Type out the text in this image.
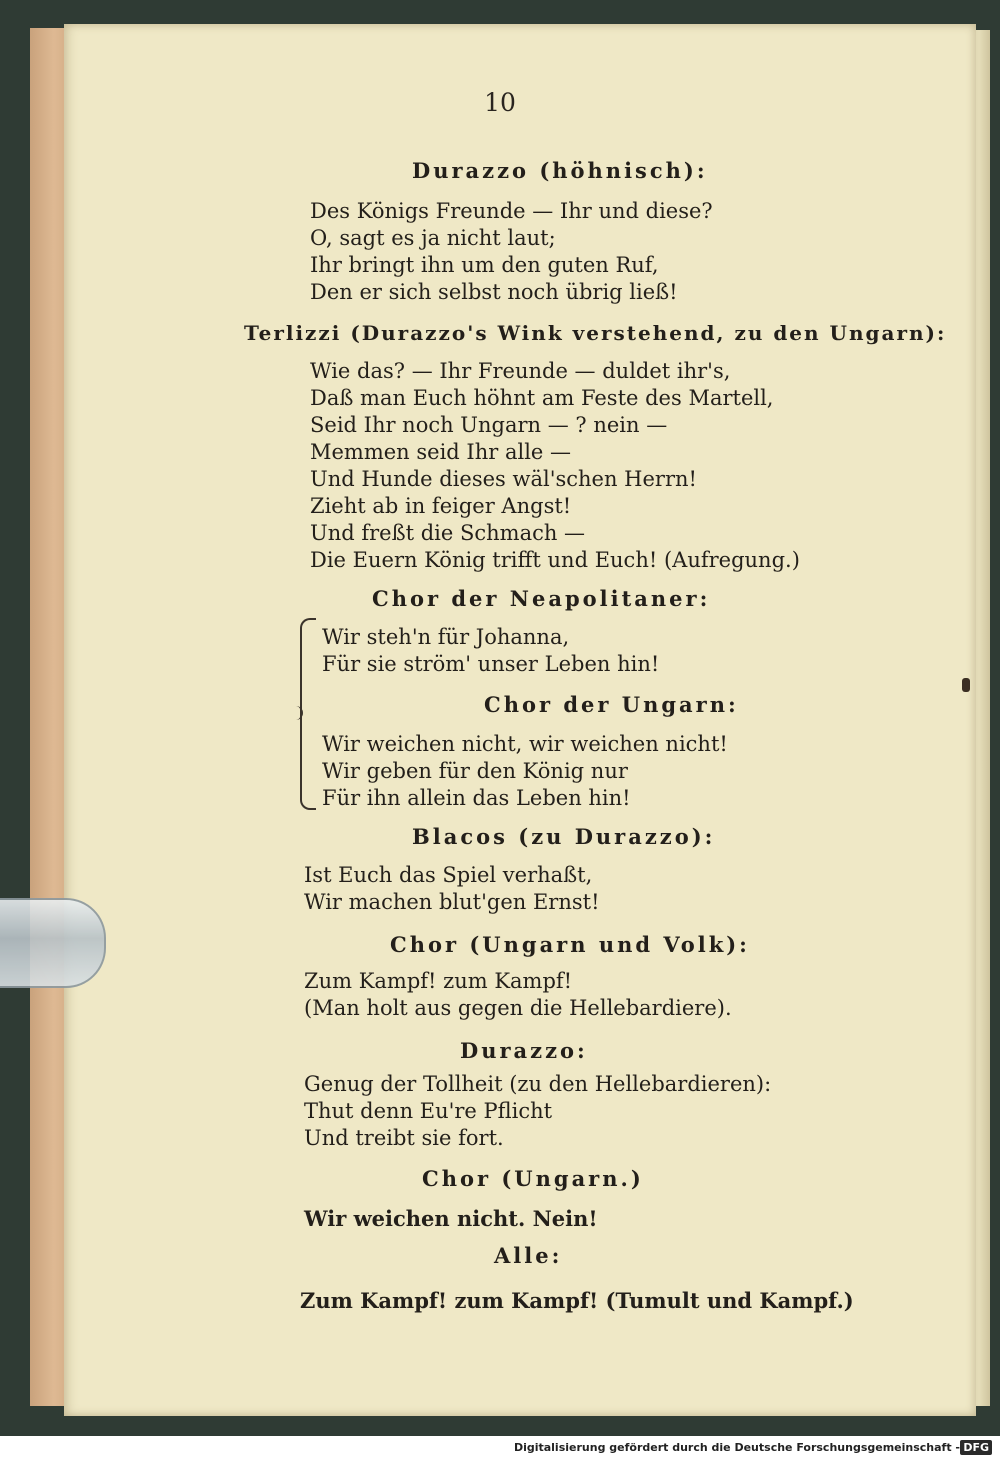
10
Durazzo (höhnisch):
Des Königs Freunde — Ihr und diese?
O, sagt es ja nicht laut;
Ihr bringt ihn um den guten Ruf,
Den er sich selbst noch übrig ließ!
Terlizzi (Durazzo's Wink verstehend, zu den Ungarn):
Wie das? — Ihr Freunde — duldet ihr's,
Daß man Euch höhnt am Feste des Martell,
Seid Ihr noch Ungarn — ? nein —
Memmen seid Ihr alle —
Und Hunde dieses wäl'schen Herrn!
Zieht ab in feiger Angst!
Und freßt die Schmach —
Die Euern König trifft und Euch! (Aufregung.)
Chor der Neapolitaner:
Wir steh'n für Johanna,
Für sie ström' unser Leben hin!
Chor der Ungarn:
Wir weichen nicht, wir weichen nicht!
Wir geben für den König nur
Für ihn allein das Leben hin!
Blacos (zu Durazzo):
Ist Euch das Spiel verhaßt,
Wir machen blut'gen Ernst!
Chor (Ungarn und Volk):
Zum Kampf! zum Kampf!
(Man holt aus gegen die Hellebardiere).
Durazzo:
Genug der Tollheit (zu den Hellebardieren):
Thut denn Eu're Pflicht
Und treibt sie fort.
Chor (Ungarn.)
Wir weichen nicht. Nein!
Alle:
Zum Kampf! zum Kampf! (Tumult und Kampf.)
Digitalisierung gefördert durch die Deutsche Forschungsgemeinschaft - DFG
